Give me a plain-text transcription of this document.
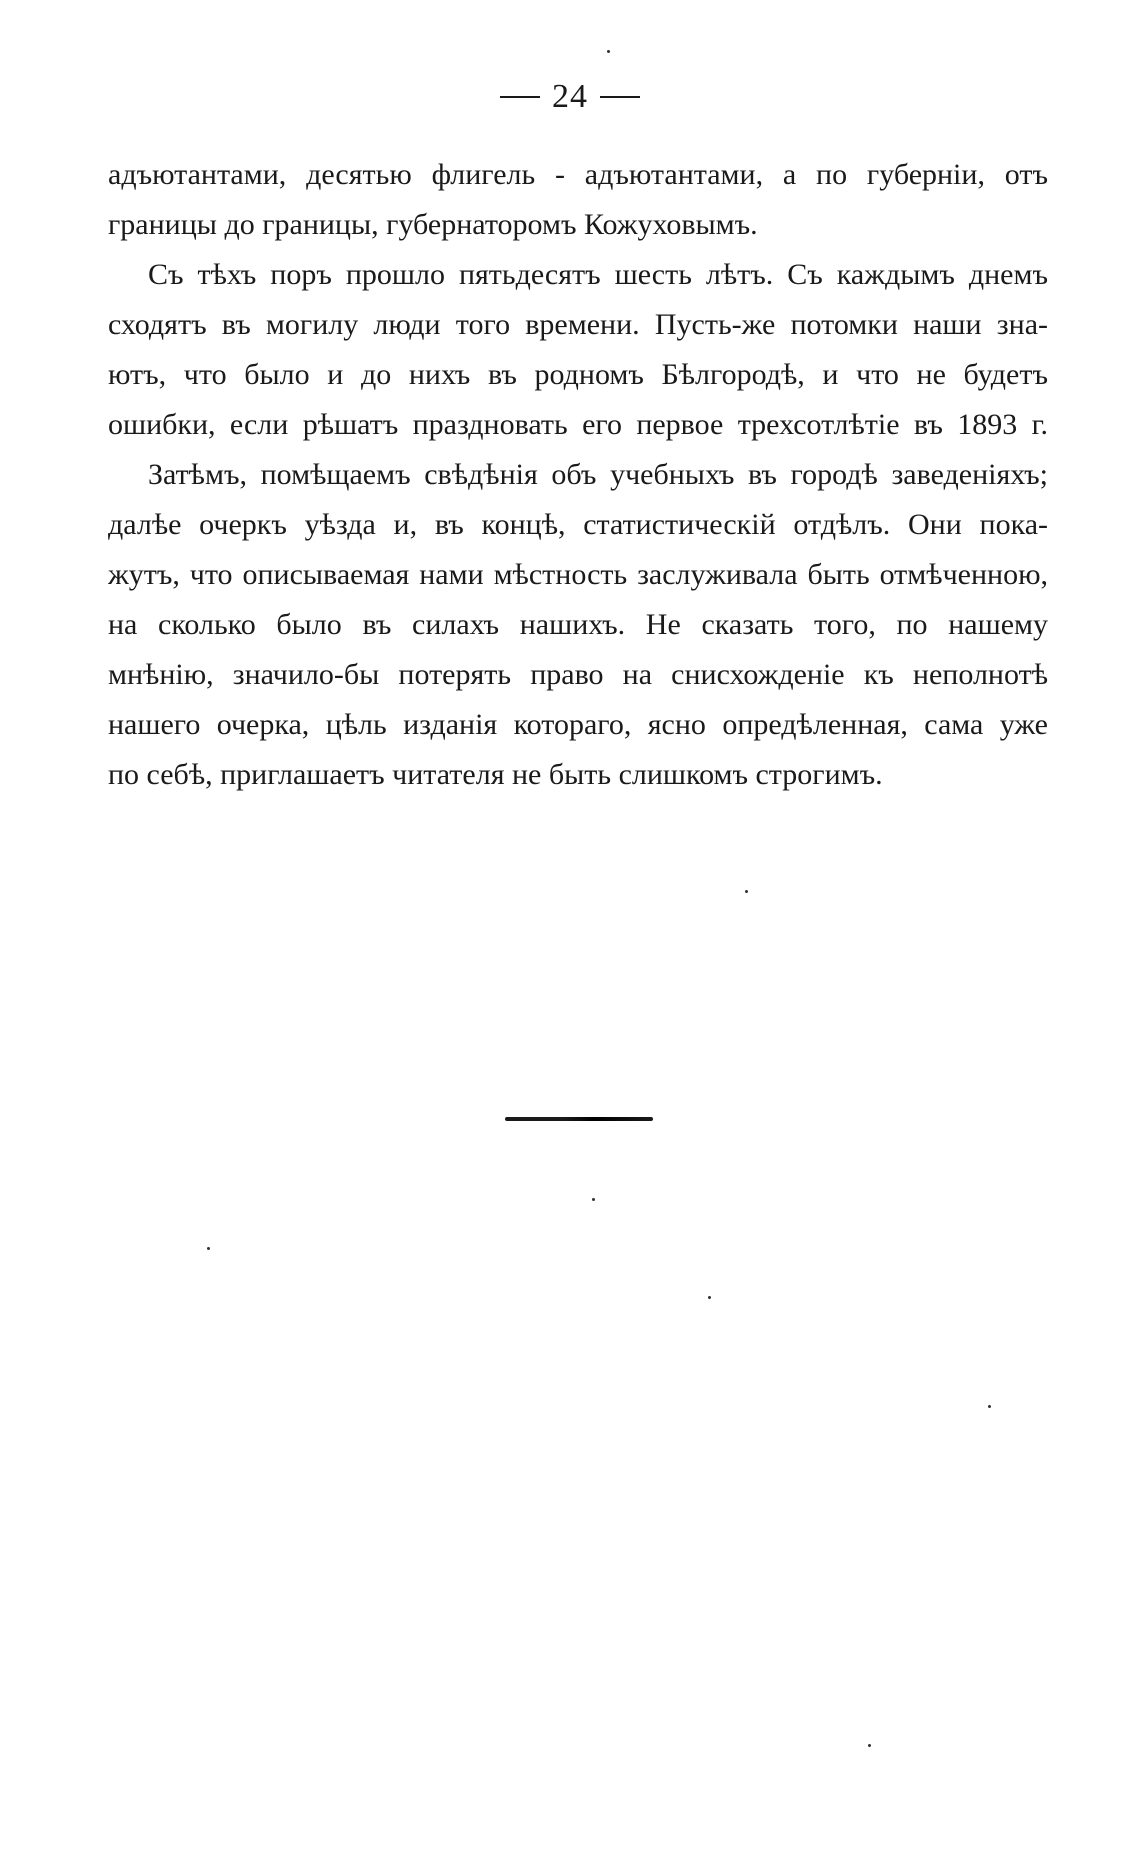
24
адъютантами, десятью флигель - адъютантами, а по губерніи, отъ
границы до границы, губернаторомъ Кожуховымъ.
Съ тѣхъ поръ прошло пятьдесятъ шесть лѣтъ. Съ каждымъ днемъ
сходятъ въ могилу люди того времени. Пусть-же потомки наши зна-
ютъ, что было и до нихъ въ родномъ Бѣлгородѣ, и что не будетъ
ошибки, если рѣшатъ праздновать его первое трехсотлѣтіе въ 1893 г.
Затѣмъ, помѣщаемъ свѣдѣнія объ учебныхъ въ городѣ заведеніяхъ;
далѣе очеркъ уѣзда и, въ концѣ, статистическій отдѣлъ. Они пока-
жутъ, что описываемая нами мѣстность заслуживала быть отмѣченною,
на сколько было въ силахъ нашихъ. Не сказать того, по нашему
мнѣнію, значило-бы потерять право на снисхожденіе къ неполнотѣ
нашего очерка, цѣль изданія котораго, ясно опредѣленная, сама уже
по себѣ, приглашаетъ читателя не быть слишкомъ строгимъ.
